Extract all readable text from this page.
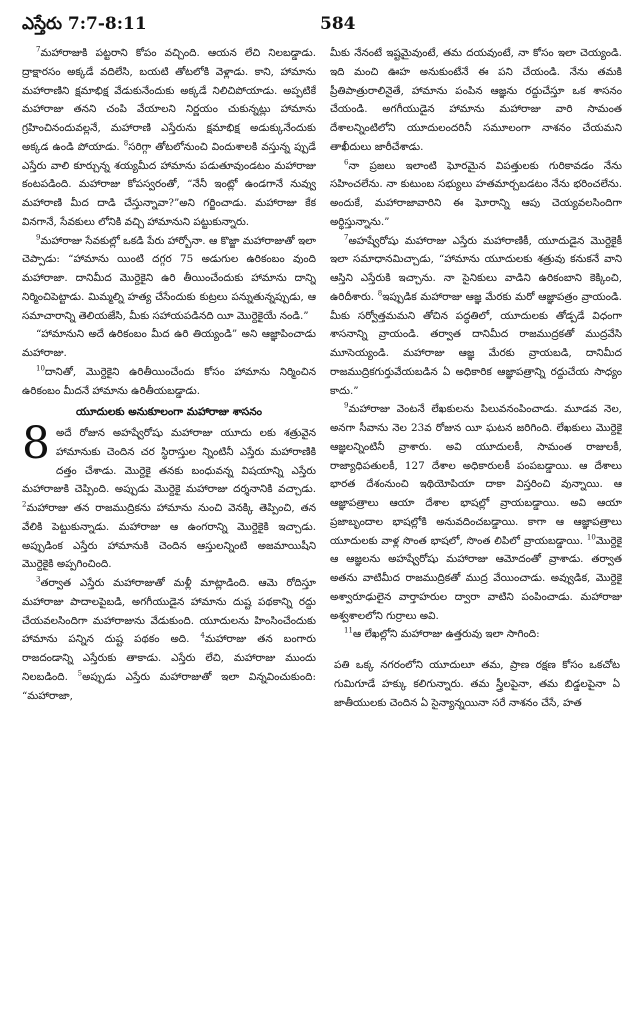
ఎస్తేరు 7:7-8:11	584

$^7$మహారాజుకి పట్టరాని కోపం వచ్చింది. ఆయన లేచి నిలబడ్డాడు. ద్రాక్షారసం అక్కడే వదిలేసి, బయటి తోటలోకి వెళ్లాడు. కాని, హామాను మహారాణిని క్షమాభిక్ష వేడుకునేందుకు అక్కడే నిలిచిపోయాడు. అప్పటికే మహారాజు తనని చంపి వేయాలని నిర్ణయం చుకున్నట్లు హామాను గ్రహించినందువల్లనే, మహారాణి ఎస్తేరును క్షమాభిక్ష అడుక్కునేందుకు అక్కడ ఉండి పోయాడు. $^8$సరిగ్గా తోటలోనుంచి విందుశాలకి వస్తున్న ప్పుడే ఎస్తేరు వాలి కూర్చున్న శయ్యమీద హామాను పడుతూవుండటం మహారాజు కంటపడింది. మహారాజు కోపస్వరంతో, “నేనీ ఇంట్లో ఉండగానే నువ్వు మహారాణి మీద దాడి చేస్తున్నావా?”అని గర్జించాడు. మహారాజు కేక వినగానే, సేవకులు లోనికి వచ్చి హామానుని పట్టుకున్నారు.

$^9$మహారాజు సేవకుల్లో ఒకడి పేరు హార్బోనా. ఆ కొజ్జా మహారాజుతో ఇలా చెప్పాడు: “హామాను యింటి దగ్గర 75 అడుగుల ఉరికంబం వుంది మహారాజా. దానిమీద మొర్దెకైని ఉరి తీయించేందుకు హామాను దాన్ని నిర్మించిపెట్టాడు. మిమ్మల్ని హత్య చేసేందుకు కుట్రలు పన్నుతున్నప్పుడు, ఆ సమాచారాన్ని తెలియజేసి, మీకు సహాయపడినది యీ మొర్దెకైయే నండి.”

“హామానుని అదే ఉరికంబం మీద ఉరి తియ్యండి” అని ఆజ్ఞాపించాడు మహారాజు.

$^{10}$దానితో, మొర్దెకైని ఉరితీయించేందు కోసం హామాను నిర్మించిన ఉరికంబం మీదనే హామాను ఉరితీయబడ్డాడు.

యూదులకు అనుకూలంగా మహారాజు శాసనం

8 అదే రోజున అహష్వేరోషు మహారాజు యూదు లకు శత్రువైన హామానుకు చెందిన చర స్థిరాస్తుల న్నింటినీ ఎస్తేరు మహారాణికి దత్తం చేశాడు. మొర్దెకై తనకు బంధువన్న విషయాన్ని ఎస్తేరు మహారాజుకి చెప్పింది. అప్పుడు మొర్దెకై మహారాజు దర్శనానికి వచ్చాడు. $^2$మహారాజు తన రాజముద్రికను హామాను నుంచి వెనక్కి తెప్పించి, తన వేలికి పెట్టుకున్నాడు. మహారాజు ఆ ఉంగరాన్ని మొర్దెకైకి ఇచ్చాడు. అప్పుడింక ఎస్తేరు హామానుకి చెందిన ఆస్తులన్నింటి అజమాయిషీని మొర్దెకైకి అప్పగించింది.

$^3$తర్వాత ఎస్తేరు మహారాజుతో మళ్లీ మాట్లాడింది. ఆమె రోదిస్తూ మహారాజు పాదాలపైబడి, అగగీయుడైన హామాను దుష్ట పథకాన్ని రద్దు చేయవలసిందిగా మహారాజును వేడుకుంది. యూదులను హింసించేందుకు హామాను పన్నిన దుష్ట పథకం అది. $^4$మహారాజు తన బంగారు రాజదండాన్ని ఎస్తేరుకు తాకాడు. ఎస్తేరు లేచి, మహారాజు ముందు నిలబడింది. $^5$అప్పుడు ఎస్తేరు మహారాజుతో ఇలా విన్నవించుకుంది: “మహారాజా,

మీకు నేనంటే ఇష్టమైవుంటే, తమ దయవుంటే, నా కోసం ఇలా చెయ్యండి. ఇది మంచి ఊహ అనుకుంటేనే ఈ పని చేయండి. నేను తమకి ప్రీతిపాత్రురాలినైతే, హామాను పంపిన ఆజ్ఞను రద్దుచేస్తూ ఒక శాసనం చేయండి. అగగీయుడైన హామాను మహారాజు వారి సామంత దేశాలన్నింటిలోని యూదులందరినీ సమూలంగా నాశనం చేయమని తాఖీదులు జారీచేశాడు.

$^6$నా ప్రజలు ఇలాంటి ఘోరమైన విపత్తులకు గురికావడం నేను సహించలేను. నా కుటుంబ సభ్యులు హతమార్చబడటం నేను భరించలేను. అందుకే, మహారాజావారిని ఈ ఘోరాన్ని ఆపు చెయ్యవలసిందిగా అర్థిస్తున్నాను.”

$^7$అహష్వేరోషు మహారాజు ఎస్తేరు మహారాణికీ, యూదుడైన మొర్దెకైకీ ఇలా సమాధానమిచ్చాడు, “హామాను యూదులకు శత్రువు కనుకనే వాని ఆస్తిని ఎస్తేరుకి ఇచ్చాను. నా సైనికులు వాడిని ఉరికంబాని కెక్కించి, ఉరిదీశారు. $^8$ఇప్పుడిక మహారాజు ఆజ్ఞ మేరకు మరో ఆజ్ఞాపత్రం వ్రాయండి. మీకు సర్వోత్తమమని తోచిన పద్ధతిలో, యూదులకు తోడ్పడే విధంగా శాసనాన్ని వ్రాయండి. తర్వాత దానిమీద రాజముద్రకతో ముద్రవేసి మూసెయ్యండి. మహారాజు ఆజ్ఞ మేరకు వ్రాయబడి, దానిమీద రాజముద్రికగుర్తువేయబడిన ఏ అధికారిక ఆజ్ఞాపత్రాన్ని రద్దుచేయ సాధ్యం కాదు.”

$^9$మహారాజు వెంటనే లేఖకులను పిలువనంపించాడు. మూడవ నెల, అనగా సీవాను నెల 23వ రోజున యీ ఘటన జరిగింది. లేఖకులు మొర్దెకై ఆజ్ఞలన్నింటినీ వ్రాశారు. అవి యూదులకీ, సామంత రాజులకీ, రాజ్యాధిపతులకీ, 127 దేశాల అధికారులకీ పంపబడ్డాయి. ఆ దేశాలు భారత దేశంనుంచి ఇథియోపియా దాకా విస్తరించి వున్నాయి. ఆ ఆజ్ఞాపత్రాలు ఆయా దేశాల భాషల్లో వ్రాయబడ్డాయి. అవి ఆయా ప్రజాబృందాల భాషల్లోకి అనువదించబడ్డాయి. కాగా ఆ ఆజ్ఞాపత్రాలు యూదులకు వాళ్ల సొంత భాషలో, సొంత లిపిలో వ్రాయబడ్డాయి. $^{10}$మొర్దెకై ఆ ఆజ్ఞలను అహష్వేరోషు మహారాజు ఆమోదంతో వ్రాశాడు. తర్వాత అతను వాటిమీద రాజముద్రికతో ముద్ర వేయించాడు. అవ్వుడిక, మొర్దెకై అశ్వారూఢులైన వార్తాహరుల ద్వారా వాటిని పంపించాడు. మహారాజు అశ్వశాలలోని గుర్రాలు అవి.

$^{11}$ఆ లేఖల్లోని మహారాజు ఉత్తరువు ఇలా సాగింది:

పతి ఒక్క నగరంలోని యూదులూ తమ, ప్రాణ రక్షణ కోసం ఒకచోట గుమిగూడే హక్కు కలిగున్నారు. తమ స్త్రీలపైనా, తమ బిడ్డలపైనా ఏ జాతీయులకు చెందిన ఏ సైన్యాన్నయినా సరే నాశనం చేసే, హత
